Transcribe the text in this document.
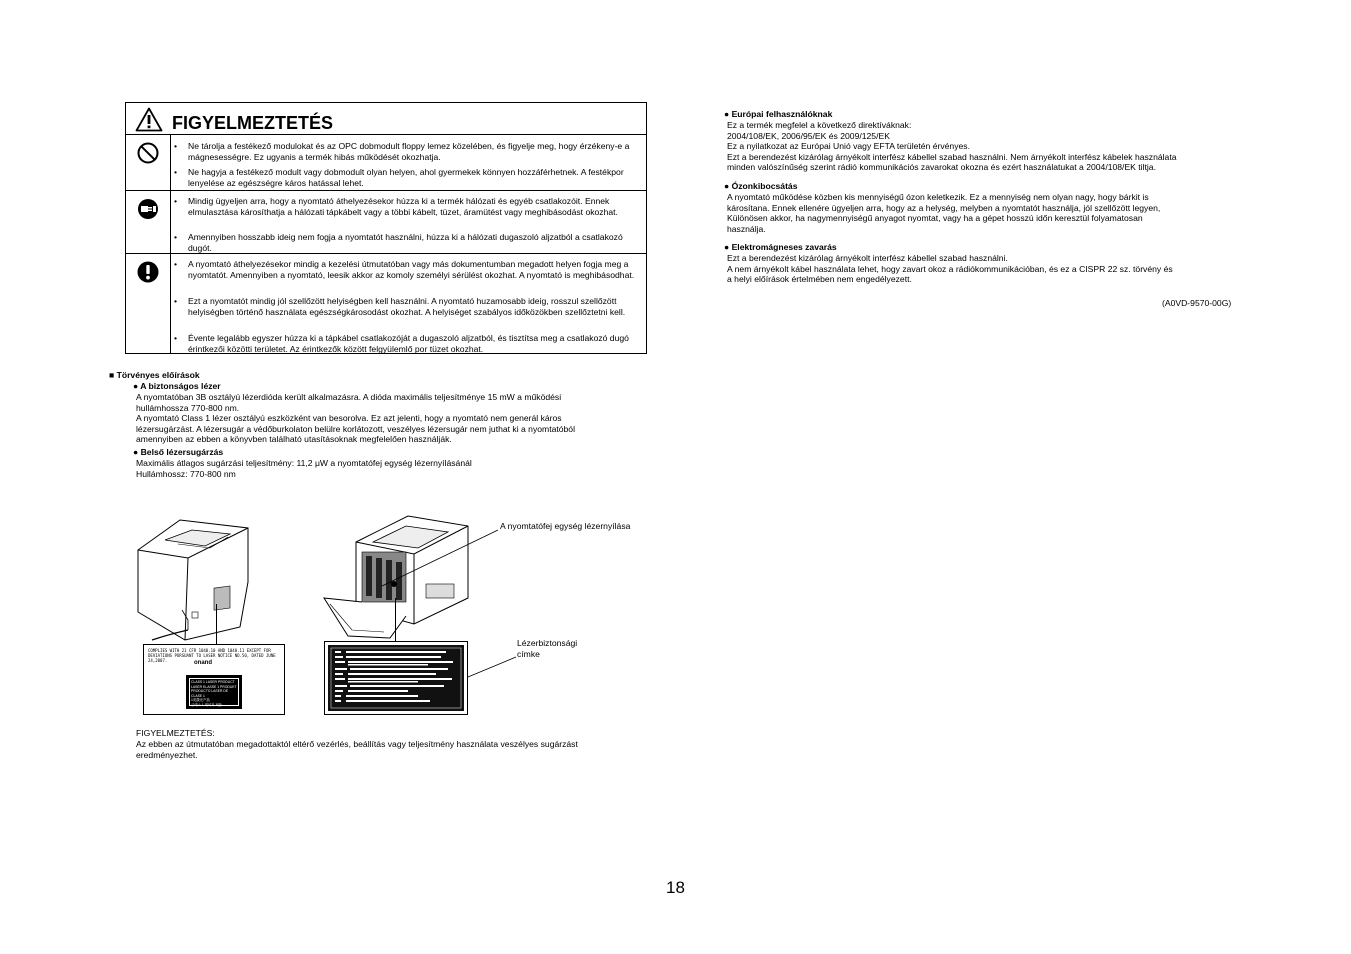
FIGYELMEZTETÉS
• Ne tárolja a festékező modulokat és az OPC dobmodult floppy lemez közelében, és figyelje meg, hogy érzékeny-e a mágnesességre. Ez ugyanis a termék hibás működését okozhatja.
• Ne hagyja a festékező modult vagy dobmodult olyan helyen, ahol gyermekek könnyen hozzáférhetnek. A festékpor lenyelése az egészségre káros hatással lehet.
• Mindig ügyeljen arra, hogy a nyomtató áthelyezésekor húzza ki a termék hálózati és egyéb csatlakozóit. Ennek elmulasztása károsíthatja a hálózati tápkábelt vagy a többi kábelt, tüzet, áramütést vagy meghibásodást okozhat.
• Amennyiben hosszabb ideig nem fogja a nyomtatót használni, húzza ki a hálózati dugaszoló aljzatból a csatlakozó dugót.
• A nyomtató áthelyezésekor mindig a kezelési útmutatóban vagy más dokumentumban megadott helyen fogja meg a nyomtatót. Amennyiben a nyomtató, leesik akkor az komoly személyi sérülést okozhat. A nyomtató is meghibásodhat.
• Ezt a nyomtatót mindig jól szellőzött helyiségben kell használni. A nyomtató huzamosabb ideig, rosszul szellőzött helyiségben történő használata egészségkárosodást okozhat. A helyiséget szabályos időközökben szellőztetni kell.
• Évente legalább egyszer húzza ki a tápkábel csatlakozóját a dugaszoló aljzatból, és tisztítsa meg a csatlakozó dugó érintkezői közötti területet. Az érintkezők között felgyülemlő por tüzet okozhat.
■ Törvényes előírások
● A biztonságos lézer
A nyomtatóban 3B osztályú lézerdióda került alkalmazásra. A dióda maximális teljesítménye 15 mW a működési
hullámhossza 770-800 nm.
A nyomtató Class 1 lézer osztályú eszközként van besorolva. Ez azt jelenti, hogy a nyomtató nem generál káros
lézersugárzást. A lézersugár a védőburkolaton belülre korlátozott, veszélyes lézersugár nem juthat ki a nyomtatóból
amennyiben az ebben a könyvben található utasításoknak megfelelően használják.
● Belső lézersugárzás
Maximális átlagos sugárzási teljesítmény: 11,2 μW a nyomtatófej egység lézernyílásánál
Hullámhossz: 770-800 nm
COMPLIES WITH 21 CFR 1040.10 AND 1040.11 EXCEPT FOR
DEVIATIONS PURSUANT TO LASER NOTICE NO.50, DATED JUNE 24,2007.	onand
CLASS 1 LASER PRODUCT
LASER KLASSE 1 PRODUKT
PRODUCTO LASER DE CLASE 1
1类激光产品
클래스 1 레이저 제품
A nyomtatófej egység lézernyílása
Lézerbiztonsági
címke
FIGYELMEZTETÉS:
Az ebben az útmutatóban megadottaktól eltérő vezérlés, beállítás vagy teljesítmény használata veszélyes sugárzást
eredményezhet.
● Európai felhasználóknak
Ez a termék megfelel a következő direktíváknak:
2004/108/EK, 2006/95/EK és 2009/125/EK
Ez a nyilatkozat az Európai Unió vagy EFTA területén érvényes.
Ezt a berendezést kizárólag árnyékolt interfész kábellel szabad használni. Nem árnyékolt interfész kábelek használata
minden valószínűség szerint rádió kommunikációs zavarokat okozna és ezért használatukat a 2004/108/EK tiltja.
● Ózonkibocsátás
A nyomtató működése közben kis mennyiségű ózon keletkezik. Ez a mennyiség nem olyan nagy, hogy bárkit is
károsítana. Ennek ellenére ügyeljen arra, hogy az a helység, melyben a nyomtatót használja, jól szellőzött legyen,
Különösen akkor, ha nagymennyiségű anyagot nyomtat, vagy ha a gépet hosszú időn keresztül folyamatosan
használja.
● Elektromágneses zavarás
Ezt a berendezést kizárólag árnyékolt interfész kábellel szabad használni.
A nem árnyékolt kábel használata lehet, hogy zavart okoz a rádiókommunikációban, és ez a CISPR 22 sz. törvény és
a helyi előírások értelmében nem engedélyezett.
(A0VD-9570-00G)
18
